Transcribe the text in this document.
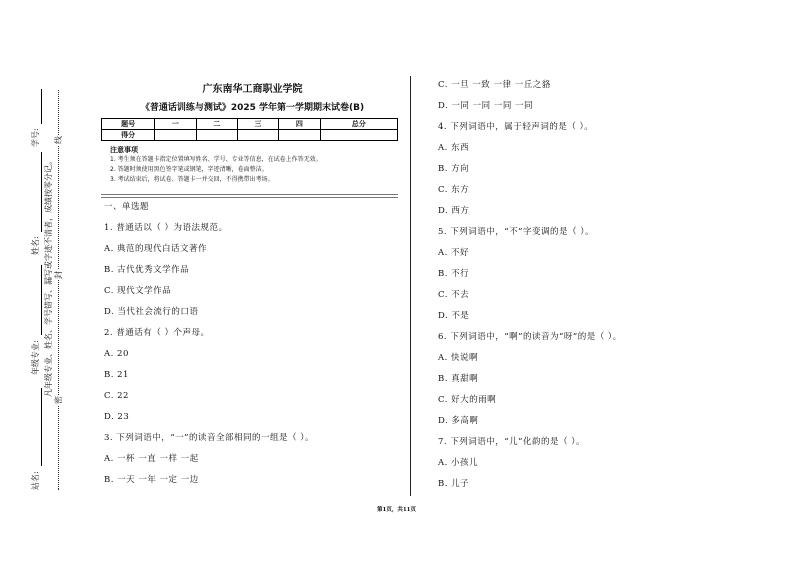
站名:
年级专业:
姓名:
学号:
凡年级专业、姓名、学号错写、漏写或字迹不清者，成绩按零分记。
密
封
线
广东南华工商职业学院
《普通话训练与测试》2025 学年第一学期期末试卷(B)
题号	一	二	三	四	总分
得分					
注意事项
1. 考生须在答题卡指定位置填写姓名、学号、专业等信息，在试卷上作答无效。
2. 答题时须使用黑色签字笔或钢笔，字迹清晰，卷面整洁。
3. 考试结束后，将试卷、答题卡一并交回，不得携带出考场。
一、单选题
1. 普通话以（ ）为语法规范。
A. 典范的现代白话文著作
B. 古代优秀文学作品
C. 现代文学作品
D. 当代社会流行的口语
2. 普通话有（ ）个声母。
A. 20
B. 21
C. 22
D. 23
3. 下列词语中，“一”的读音全部相同的一组是（ ）。
A. 一杯 一直 一样 一起
B. 一天 一年 一定 一边
C. 一旦 一致 一律 一丘之貉
D. 一同 一同 一同 一同
4. 下列词语中，属于轻声词的是（ ）。
A. 东西
B. 方向
C. 东方
D. 西方
5. 下列词语中，“不”字变调的是（ ）。
A. 不好
B. 不行
C. 不去
D. 不是
6. 下列词语中，“啊”的读音为“呀”的是（ ）。
A. 快说啊
B. 真甜啊
C. 好大的雨啊
D. 多高啊
7. 下列词语中，“儿”化韵的是（ ）。
A. 小孩儿
B. 儿子
第1页，共11页
